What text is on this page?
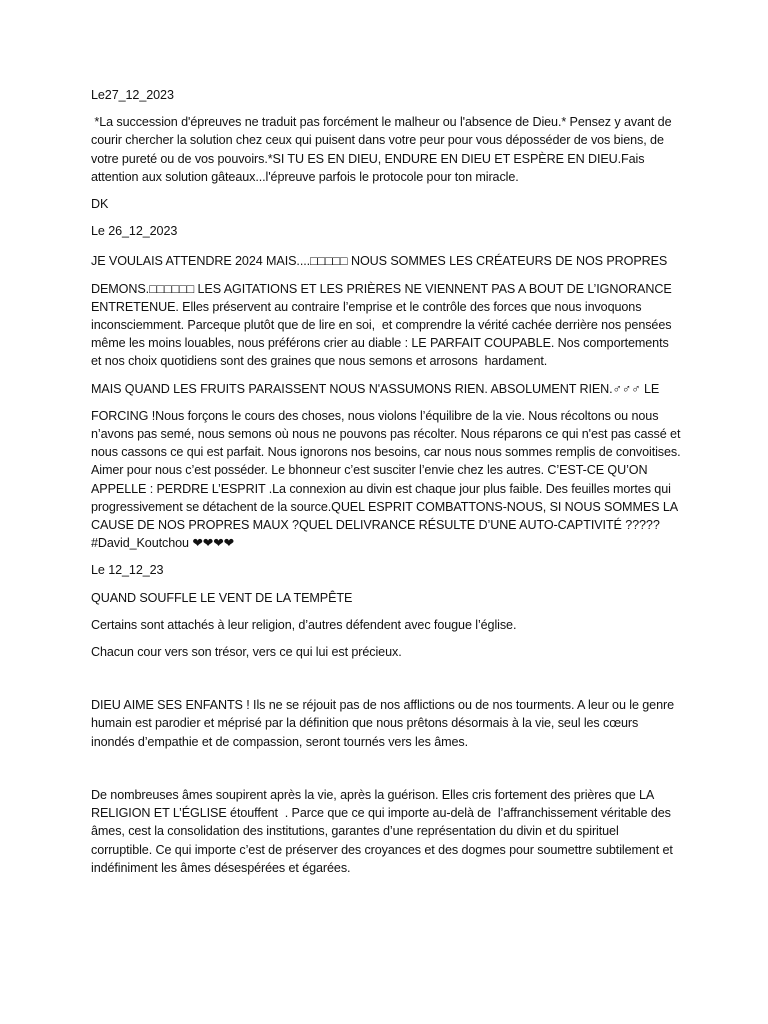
Le27_12_2023

*La succession d'épreuves ne traduit pas forcément le malheur ou l'absence de Dieu.* Pensez y avant de courir chercher la solution chez ceux qui puisent dans votre peur pour vous déposséder de vos biens, de votre pureté ou de vos pouvoirs.*SI TU ES EN DIEU, ENDURE EN DIEU ET ESPÈRE EN DIEU.Fais attention aux solution gâteaux...l'épreuve parfois le protocole pour ton miracle.

DK

Le 26_12_2023

JE VOULAIS ATTENDRE 2024 MAIS....□□□□□ NOUS SOMMES LES CRÉATEURS DE NOS PROPRES

DEMONS.□□□□□□ LES AGITATIONS ET LES PRIÈRES NE VIENNENT PAS A BOUT DE L’IGNORANCE ENTRETENUE. Elles préservent au contraire l’emprise et le contrôle des forces que nous invoquons inconsciemment. Parceque plutôt que de lire en soi,  et comprendre la vérité cachée derrière nos pensées même les moins louables, nous préférons crier au diable : LE PARFAIT COUPABLE. Nos comportements et nos choix quotidiens sont des graines que nous semons et arrosons  hardament.

MAIS QUAND LES FRUITS PARAISSENT NOUS N'ASSUMONS RIEN. ABSOLUMENT RIEN.♂♂♂ LE

FORCING !Nous forçons le cours des choses, nous violons l’équilibre de la vie. Nous récoltons ou nous n’avons pas semé, nous semons où nous ne pouvons pas récolter. Nous réparons ce qui n'est pas cassé et nous cassons ce qui est parfait. Nous ignorons nos besoins, car nous nous sommes remplis de convoitises. Aimer pour nous c’est posséder. Le bhonneur c’est susciter l’envie chez les autres. C’EST-CE QU’ON APPELLE : PERDRE L’ESPRIT .La connexion au divin est chaque jour plus faible. Des feuilles mortes qui progressivement se détachent de la source.QUEL ESPRIT COMBATTONS-NOUS, SI NOUS SOMMES LA CAUSE DE NOS PROPRES MAUX ?QUEL DELIVRANCE RÉSULTE D’UNE AUTO-CAPTIVITÉ ?????#David_Koutchou ❤❤❤❤

Le 12_12_23

QUAND SOUFFLE LE VENT DE LA TEMPÊTE

Certains sont attachés à leur religion, d’autres défendent avec fougue l’église.

Chacun cour vers son trésor, vers ce qui lui est précieux.

DIEU AIME SES ENFANTS ! Ils ne se réjouit pas de nos afflictions ou de nos tourments. A leur ou le genre humain est parodier et méprisé par la définition que nous prêtons désormais à la vie, seul les cœurs inondés d’empathie et de compassion, seront tournés vers les âmes.

De nombreuses âmes soupirent après la vie, après la guérison. Elles cris fortement des prières que LA RELIGION ET L’ÉGLISE étouffent  . Parce que ce qui importe au-delà de  l’affranchissement véritable des âmes, cest la consolidation des institutions, garantes d’une représentation du divin et du spirituel corruptible. Ce qui importe c’est de préserver des croyances et des dogmes pour soumettre subtilement et indéfiniment les âmes désespérées et égarées.
